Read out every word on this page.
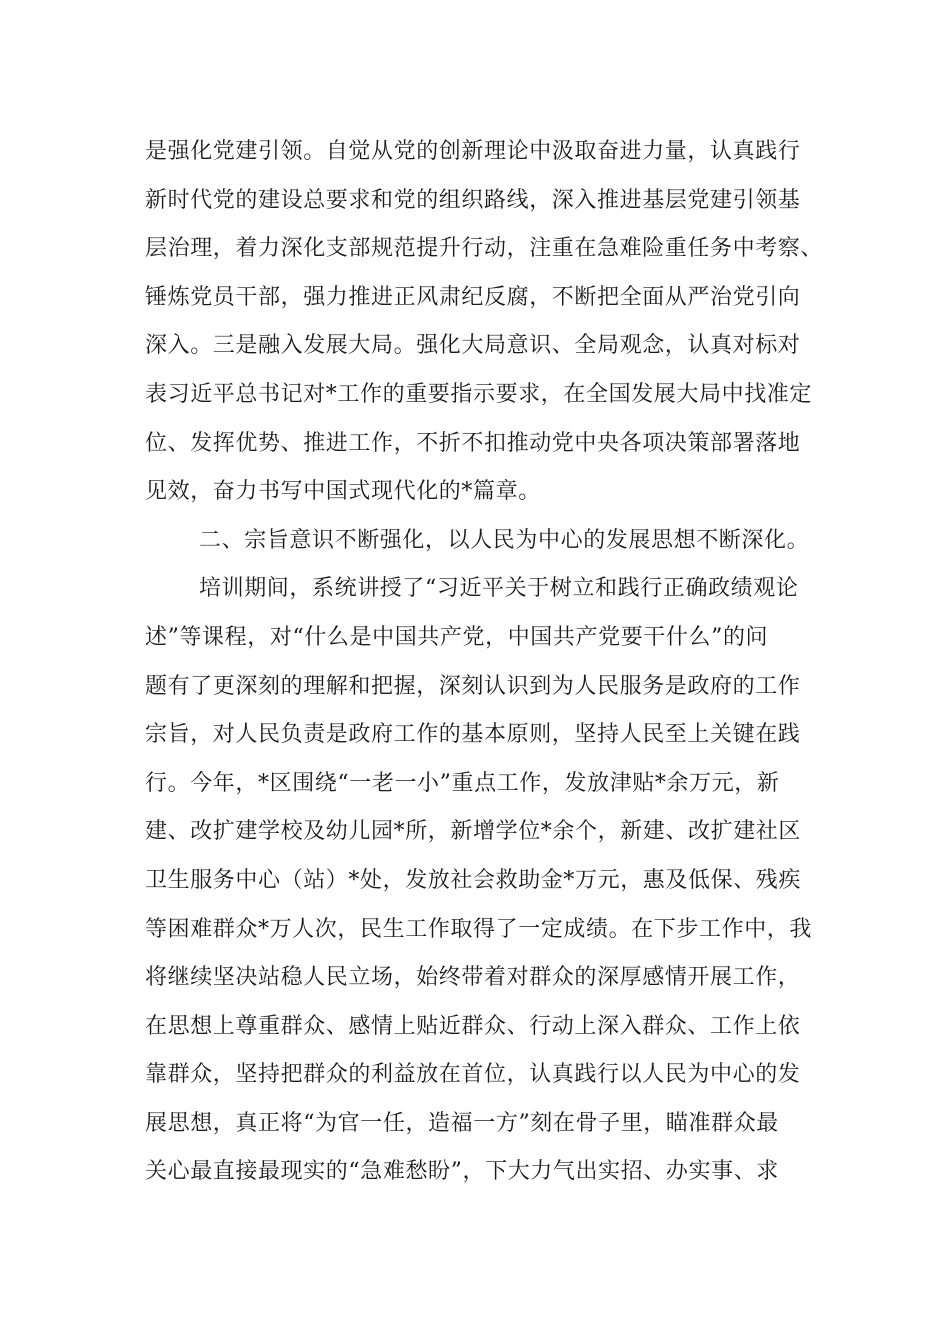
是强化党建引领。自觉从党的创新理论中汲取奋进力量，认真践行
新时代党的建设总要求和党的组织路线，深入推进基层党建引领基
层治理，着力深化支部规范提升行动，注重在急难险重任务中考察、
锤炼党员干部，强力推进正风肃纪反腐，不断把全面从严治党引向
深入。三是融入发展大局。强化大局意识、全局观念，认真对标对
表习近平总书记对*工作的重要指示要求，在全国发展大局中找准定
位、发挥优势、推进工作，不折不扣推动党中央各项决策部署落地
见效，奋力书写中国式现代化的*篇章。
二、宗旨意识不断强化，以人民为中心的发展思想不断深化。
培训期间，系统讲授了“习近平关于树立和践行正确政绩观论
述”等课程，对“什么是中国共产党，中国共产党要干什么”的问
题有了更深刻的理解和把握，深刻认识到为人民服务是政府的工作
宗旨，对人民负责是政府工作的基本原则，坚持人民至上关键在践
行。今年，*区围绕“一老一小”重点工作，发放津贴*余万元，新
建、改扩建学校及幼儿园*所，新增学位*余个，新建、改扩建社区
卫生服务中心（站）*处，发放社会救助金*万元，惠及低保、残疾
等困难群众*万人次，民生工作取得了一定成绩。在下步工作中，我
将继续坚决站稳人民立场，始终带着对群众的深厚感情开展工作，
在思想上尊重群众、感情上贴近群众、行动上深入群众、工作上依
靠群众，坚持把群众的利益放在首位，认真践行以人民为中心的发
展思想，真正将“为官一任，造福一方”刻在骨子里，瞄准群众最
关心最直接最现实的“急难愁盼”，下大力气出实招、办实事、求
